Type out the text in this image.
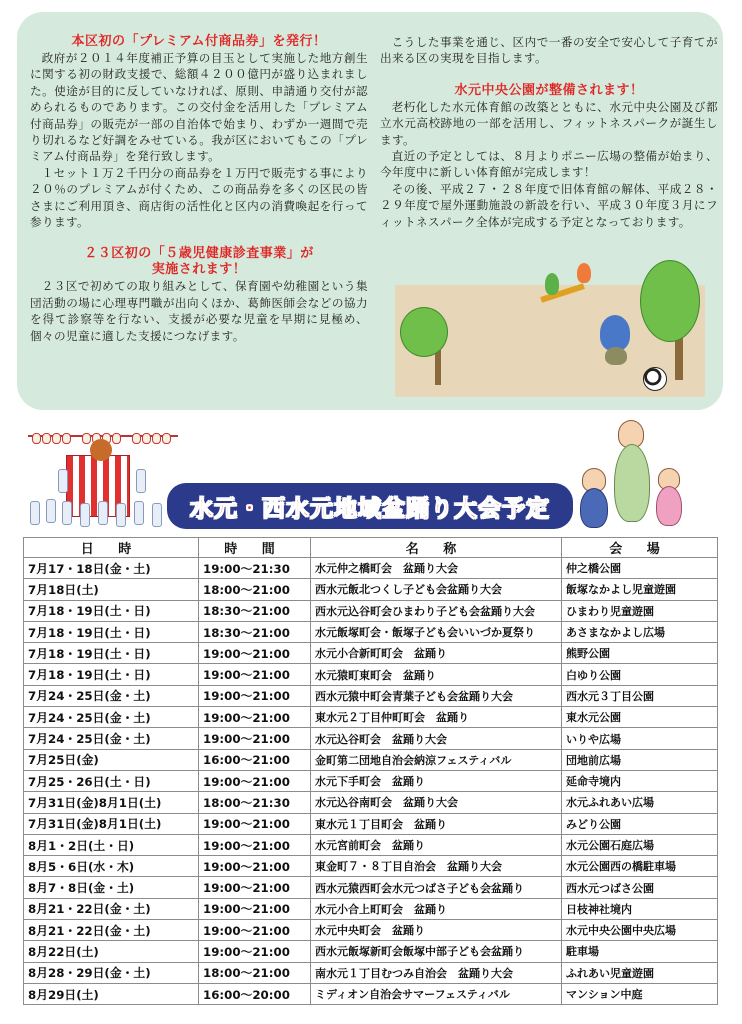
本区初の「プレミアム付商品券」を発行！

政府が２０１４年度補正予算の目玉として実施した地方創生に関する初の財政支援で、総額４２００億円が盛り込まれました。使途が目的に反していなければ、原則、申請通り交付が認められるものであります。この交付金を活用した「プレミアム付商品券」の販売が一部の自治体で始まり、わずか一週間で売り切れるなど好調をみせている。我が区においてもこの「プレミアム付商品券」を発行致します。

１セット１万２千円分の商品券を１万円で販売する事により２０％のプレミアムが付くため、この商品券を多くの区民の皆さまにご利用頂き、商店街の活性化と区内の消費喚起を行って参ります。

２３区初の「５歳児健康診査事業」が
実施されます！

２３区で初めての取り組みとして、保育園や幼稚園という集団活動の場に心理専門職が出向くほか、葛飾医師会などの協力を得て診察等を行ない、支援が必要な児童を早期に見極め、個々の児童に適した支援につなげます。

こうした事業を通じ、区内で一番の安全で安心して子育てが出来る区の実現を目指します。

水元中央公園が整備されます！

老朽化した水元体育館の改築とともに、水元中央公園及び都立水元高校跡地の一部を活用し、フィットネスパークが誕生します。

直近の予定としては、８月よりポニー広場の整備が始まり、今年度中に新しい体育館が完成します！

その後、平成２７・２８年度で旧体育館の解体、平成２８・２９年度で屋外運動施設の新設を行い、平成３０年度３月にフィットネスパーク全体が完成する予定となっております。

水元・西水元地域盆踊り大会予定
日 時	時 間	名 称	会 場
7月17・18日(金・土)	19:00～21:30	水元仲之橋町会　盆踊り大会	仲之橋公園
7月18日(土)	18:00～21:00	西水元飯北つくし子ども会盆踊り大会	飯塚なかよし児童遊園
7月18・19日(土・日)	18:30～21:00	西水元込谷町会ひまわり子ども会盆踊り大会	ひまわり児童遊園
7月18・19日(土・日)	18:30～21:00	水元飯塚町会・飯塚子ども会いいづか夏祭り	あさまなかよし広場
7月18・19日(土・日)	19:00～21:00	水元小合新町町会　盆踊り	熊野公園
7月18・19日(土・日)	19:00～21:00	水元猿町東町会　盆踊り	白ゆり公園
7月24・25日(金・土)	19:00～21:00	西水元猿中町会青葉子ども会盆踊り大会	西水元３丁目公園
7月24・25日(金・土)	19:00～21:00	東水元２丁目仲町町会　盆踊り	東水元公園
7月24・25日(金・土)	19:00～21:00	水元込谷町会　盆踊り大会	いりや広場
7月25日(金)	16:00～21:00	金町第二団地自治会納涼フェスティバル	団地前広場
7月25・26日(土・日)	19:00～21:00	水元下手町会　盆踊り	延命寺境内
7月31日(金)8月1日(土)	18:00～21:30	水元込谷南町会　盆踊り大会	水元ふれあい広場
7月31日(金)8月1日(土)	19:00～21:00	東水元１丁目町会　盆踊り	みどり公園
8月1・2日(土・日)	19:00～21:00	水元宮前町会　盆踊り	水元公園石庭広場
8月5・6日(水・木)	19:00～21:00	東金町７・８丁目自治会　盆踊り大会	水元公園西の橋駐車場
8月7・8日(金・土)	19:00～21:00	西水元猿西町会水元つばさ子ども会盆踊り	西水元つばさ公園
8月21・22日(金・土)	19:00～21:00	水元小合上町町会　盆踊り	日枝神社境内
8月21・22日(金・土)	19:00～21:00	水元中央町会　盆踊り	水元中央公園中央広場
8月22日(土)	19:00～21:00	西水元飯塚新町会飯塚中部子ども会盆踊り	駐車場
8月28・29日(金・土)	18:00～21:00	南水元１丁目むつみ自治会　盆踊り大会	ふれあい児童遊園
8月29日(土)	16:00～20:00	ミディオン自治会サマーフェスティバル	マンション中庭
